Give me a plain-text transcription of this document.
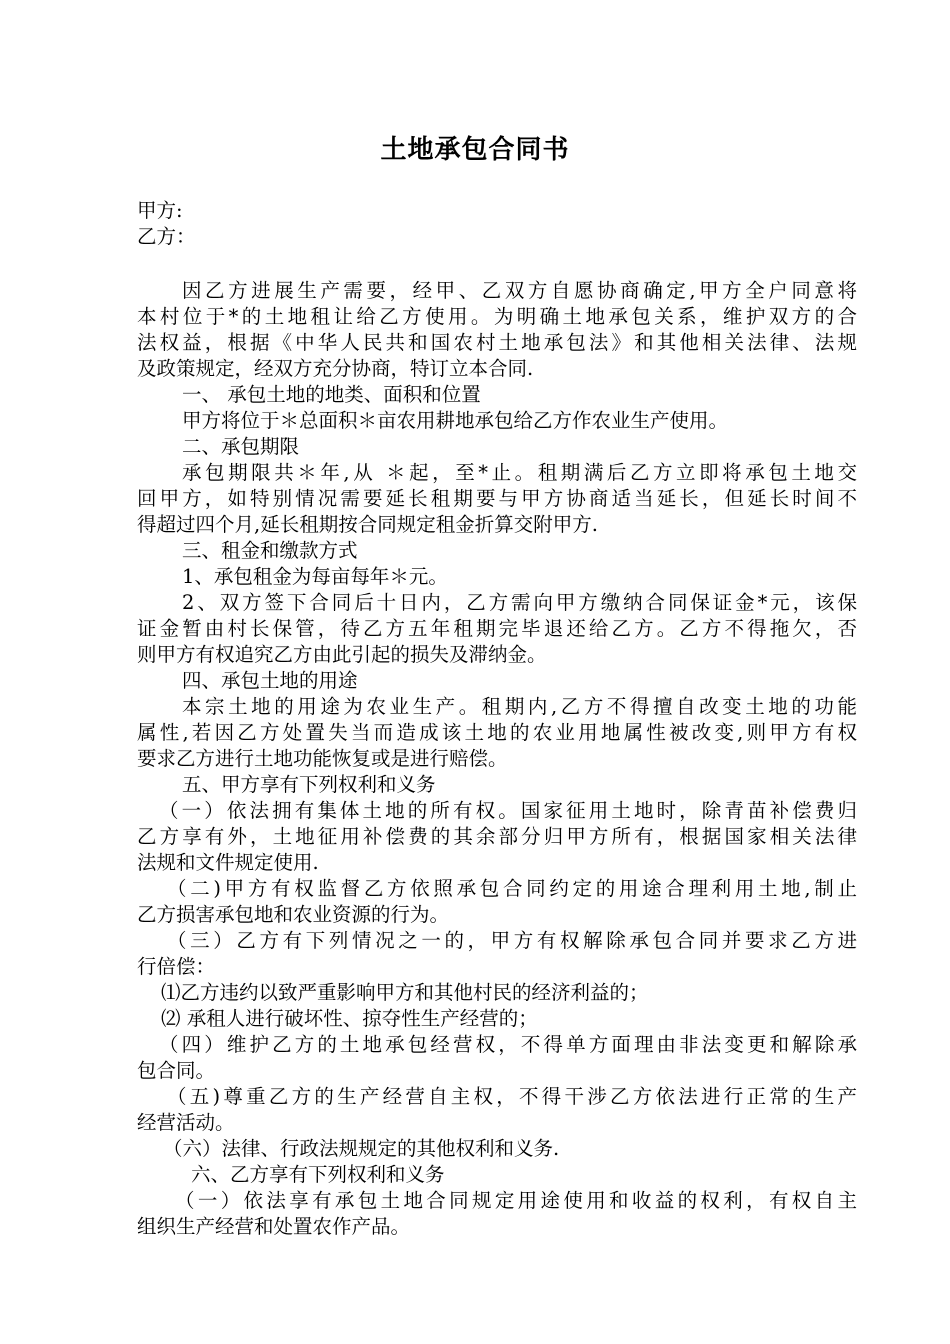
土地承包合同书
甲方:
乙方：
因乙方进展生产需要，经甲、乙双方自愿协商确定,甲方全户同意将
本村位于*的土地租让给乙方使用。为明确土地承包关系，维护双方的合
法权益，根据《中华人民共和国农村土地承包法》和其他相关法律、法规
及政策规定，经双方充分协商，特订立本合同.
一、 承包土地的地类、面积和位置
甲方将位于＊总面积＊亩农用耕地承包给乙方作农业生产使用。
二、承包期限
承包期限共＊年,从 ＊起，至*止。租期满后乙方立即将承包土地交
回甲方，如特别情况需要延长租期要与甲方协商适当延长，但延长时间不
得超过四个月,延长租期按合同规定租金折算交附甲方.
三、租金和缴款方式
1、承包租金为每亩每年＊元。
2、双方签下合同后十日内，乙方需向甲方缴纳合同保证金*元，该保
证金暂由村长保管，待乙方五年租期完毕退还给乙方。乙方不得拖欠，否
则甲方有权追究乙方由此引起的损失及滞纳金。
四、承包土地的用途
本宗土地的用途为农业生产。租期内,乙方不得擅自改变土地的功能
属性,若因乙方处置失当而造成该土地的农业用地属性被改变,则甲方有权
要求乙方进行土地功能恢复或是进行赔偿。
五、甲方享有下列权利和义务
（一）依法拥有集体土地的所有权。国家征用土地时，除青苗补偿费归
乙方享有外，土地征用补偿费的其余部分归甲方所有，根据国家相关法律
法规和文件规定使用.
（二)甲方有权监督乙方依照承包合同约定的用途合理利用土地,制止
乙方损害承包地和农业资源的行为。
（三）乙方有下列情况之一的，甲方有权解除承包合同并要求乙方进
行倍偿：
⑴乙方违约以致严重影响甲方和其他村民的经济利益的；
⑵ 承租人进行破坏性、掠夺性生产经营的；
（四）维护乙方的土地承包经营权，不得单方面理由非法变更和解除承
包合同。
（五)尊重乙方的生产经营自主权，不得干涉乙方依法进行正常的生产
经营活动。
（六）法律、行政法规规定的其他权利和义务.
六、乙方享有下列权利和义务
（一）依法享有承包土地合同规定用途使用和收益的权利，有权自主
组织生产经营和处置农作产品。
